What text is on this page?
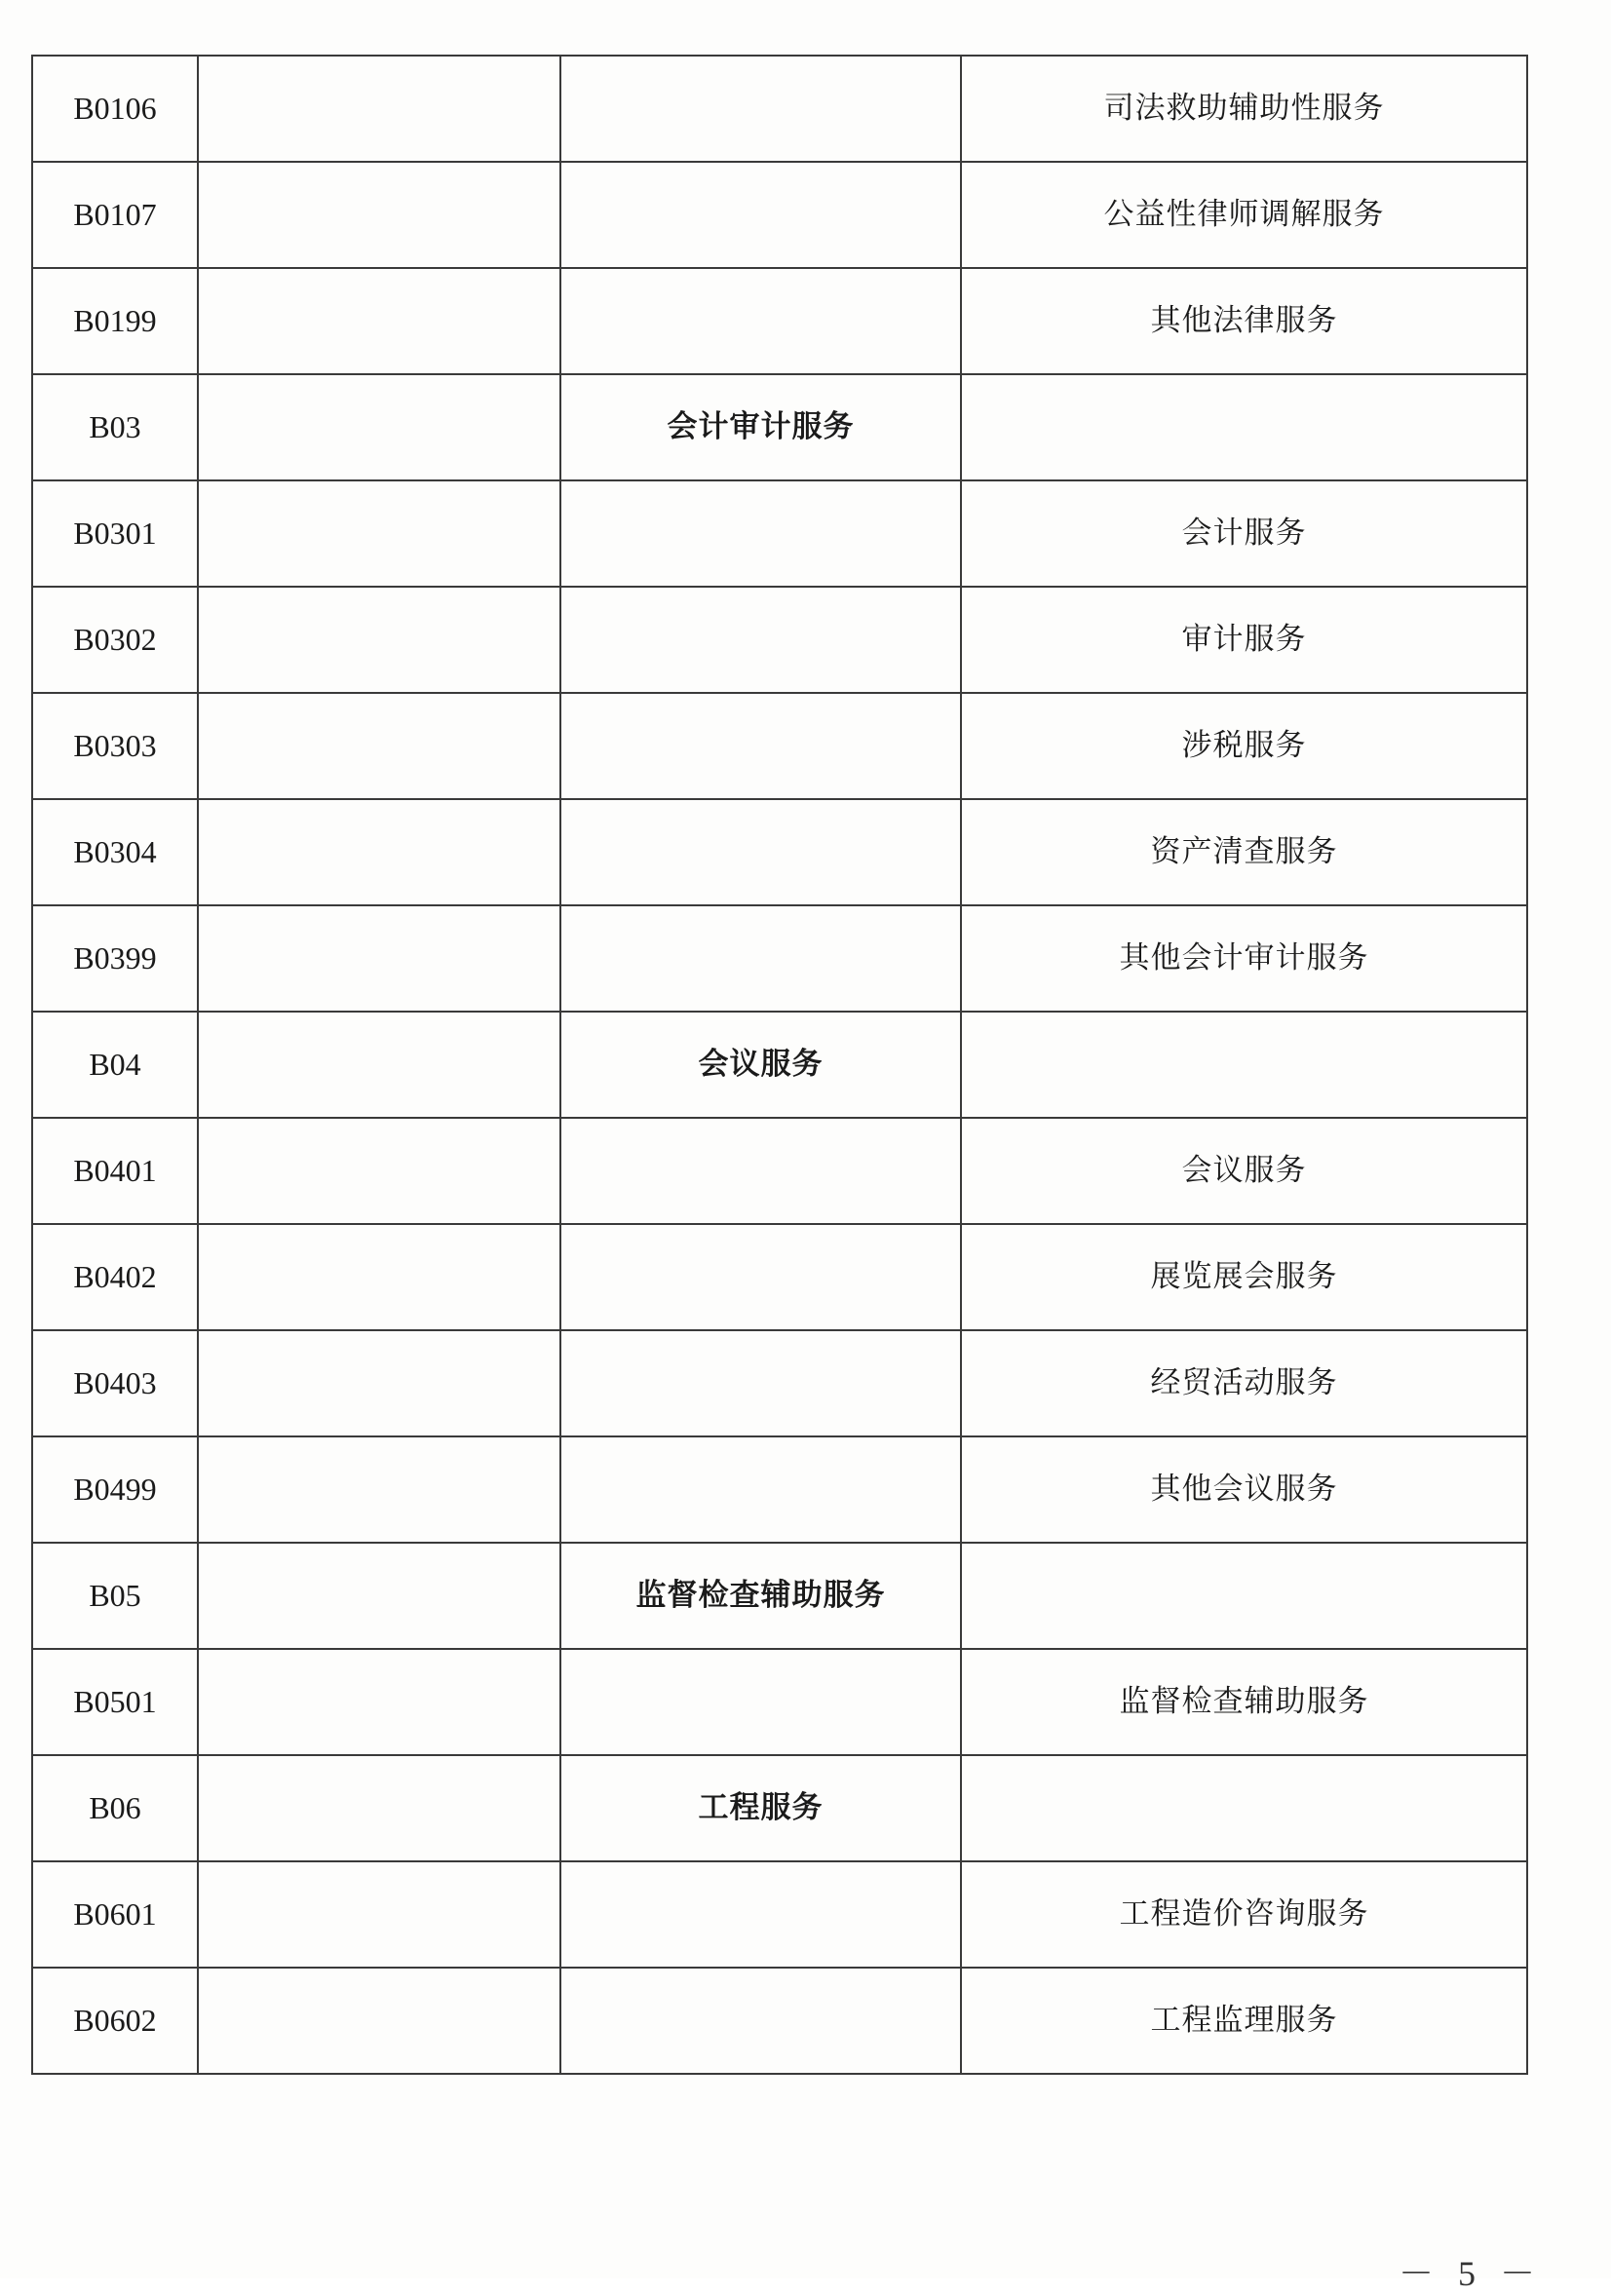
B0106			司法救助辅助性服务
B0107			公益性律师调解服务
B0199			其他法律服务
B03		会计审计服务	
B0301			会计服务
B0302			审计服务
B0303			涉税服务
B0304			资产清查服务
B0399			其他会计审计服务
B04		会议服务	
B0401			会议服务
B0402			展览展会服务
B0403			经贸活动服务
B0499			其他会议服务
B05		监督检查辅助服务	
B0501			监督检查辅助服务
B06		工程服务	
B0601			工程造价咨询服务
B0602			工程监理服务
－ 5 －
